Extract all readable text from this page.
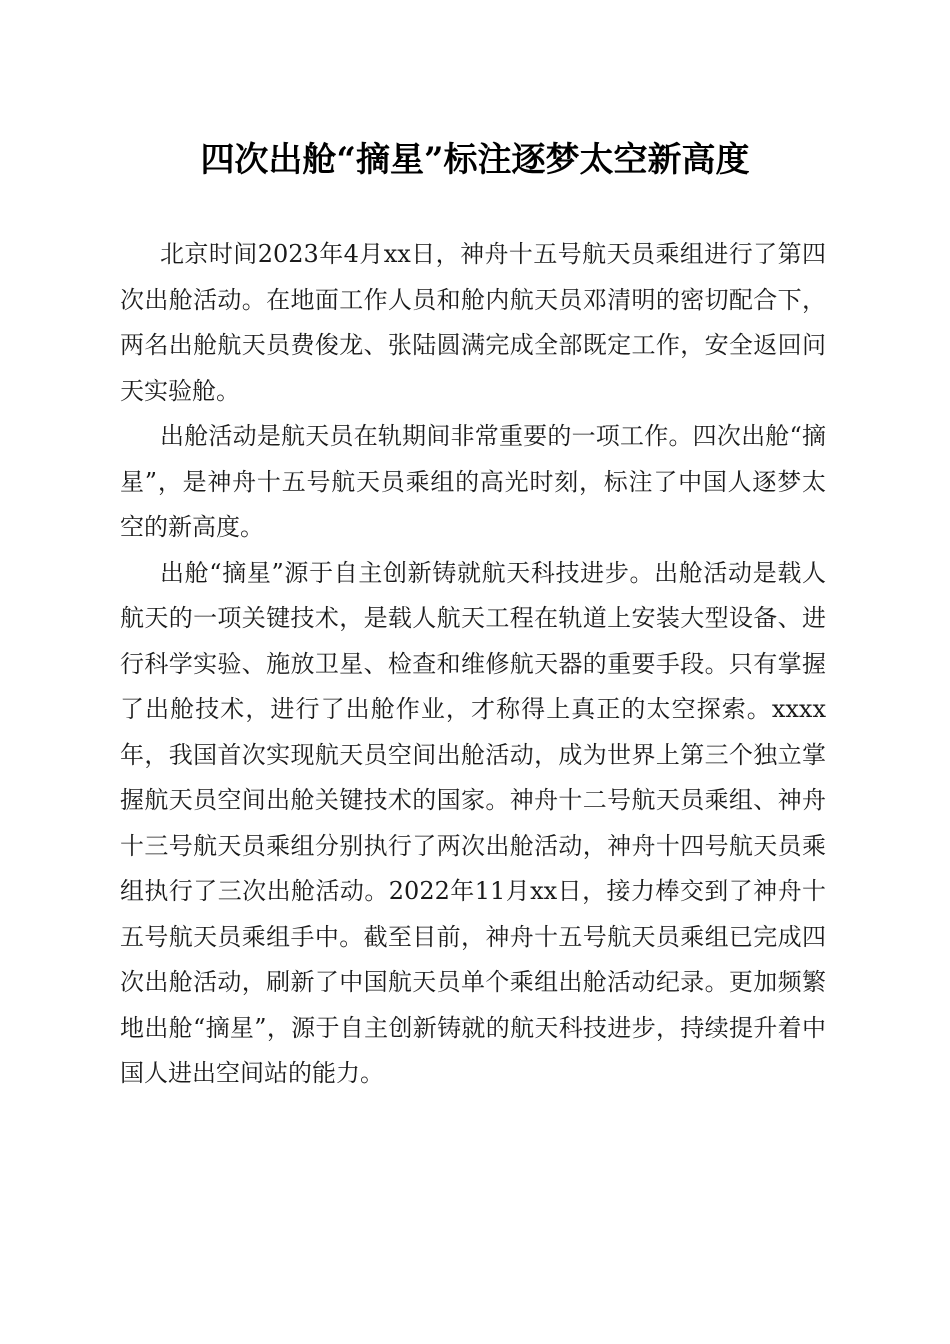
四次出舱“摘星”标注逐梦太空新高度

北京时间2023年4月xx日，神舟十五号航天员乘组进行了第四次出舱活动。在地面工作人员和舱内航天员邓清明的密切配合下，两名出舱航天员费俊龙、张陆圆满完成全部既定工作，安全返回问天实验舱。

出舱活动是航天员在轨期间非常重要的一项工作。四次出舱“摘星”，是神舟十五号航天员乘组的高光时刻，标注了中国人逐梦太空的新高度。

出舱“摘星”源于自主创新铸就航天科技进步。出舱活动是载人航天的一项关键技术，是载人航天工程在轨道上安装大型设备、进行科学实验、施放卫星、检查和维修航天器的重要手段。只有掌握了出舱技术，进行了出舱作业，才称得上真正的太空探索。xxxx年，我国首次实现航天员空间出舱活动，成为世界上第三个独立掌握航天员空间出舱关键技术的国家。神舟十二号航天员乘组、神舟十三号航天员乘组分别执行了两次出舱活动，神舟十四号航天员乘组执行了三次出舱活动。2022年11月xx日，接力棒交到了神舟十五号航天员乘组手中。截至目前，神舟十五号航天员乘组已完成四次出舱活动，刷新了中国航天员单个乘组出舱活动纪录。更加频繁地出舱“摘星”，源于自主创新铸就的航天科技进步，持续提升着中国人进出空间站的能力。
